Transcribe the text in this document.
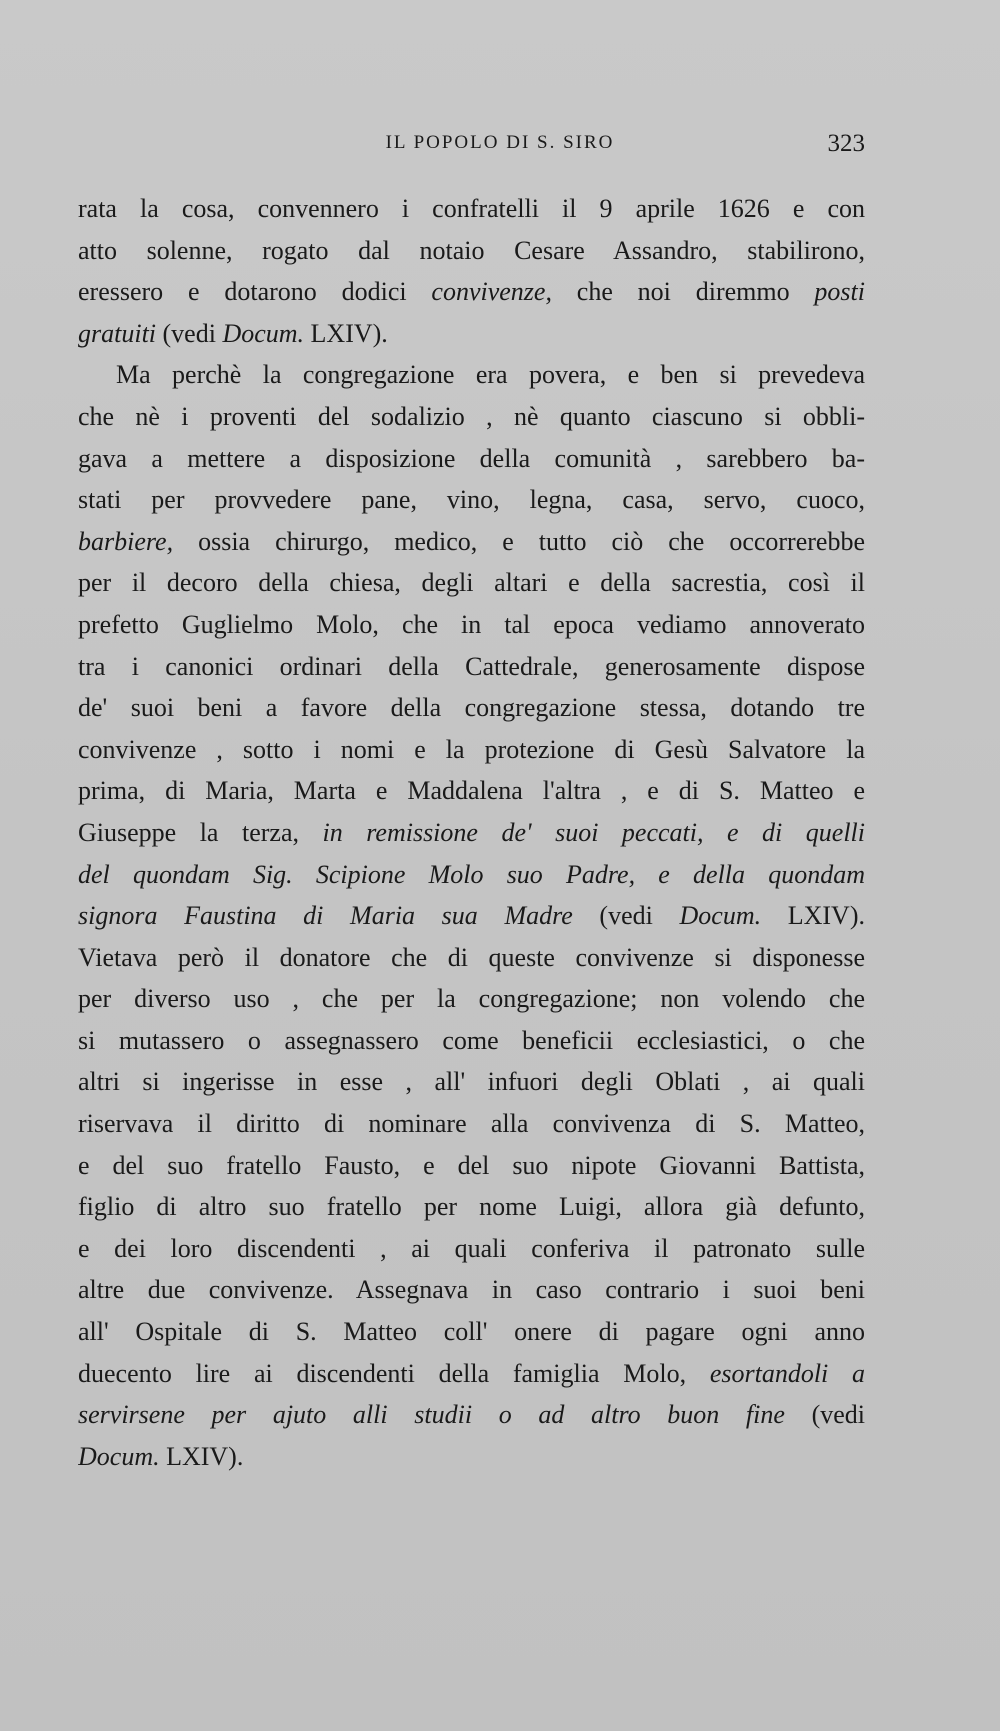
IL POPOLO DI S. SIRO	323
rata la cosa, convennero i confratelli il 9 aprile 1626 e con
atto solenne, rogato dal notaio Cesare Assandro, stabilirono,
eressero e dotarono dodici convivenze, che noi diremmo posti
gratuiti (vedi Docum. LXIV).
Ma perchè la congregazione era povera, e ben si prevedeva
che nè i proventi del sodalizio , nè quanto ciascuno si obbli-
gava a mettere a disposizione della comunità , sarebbero ba-
stati per provvedere pane, vino, legna, casa, servo, cuoco,
barbiere, ossia chirurgo, medico, e tutto ciò che occorrerebbe
per il decoro della chiesa, degli altari e della sacrestia, così il
prefetto Guglielmo Molo, che in tal epoca vediamo annoverato
tra i canonici ordinari della Cattedrale, generosamente dispose
de' suoi beni a favore della congregazione stessa, dotando tre
convivenze , sotto i nomi e la protezione di Gesù Salvatore la
prima, di Maria, Marta e Maddalena l'altra , e di S. Matteo e
Giuseppe la terza, in remissione de' suoi peccati, e di quelli
del quondam Sig. Scipione Molo suo Padre, e della quondam
signora Faustina di Maria sua Madre (vedi Docum. LXIV).
Vietava però il donatore che di queste convivenze si disponesse
per diverso uso , che per la congregazione; non volendo che
si mutassero o assegnassero come beneficii ecclesiastici, o che
altri si ingerisse in esse , all' infuori degli Oblati , ai quali
riservava il diritto di nominare alla convivenza di S. Matteo,
e del suo fratello Fausto, e del suo nipote Giovanni Battista,
figlio di altro suo fratello per nome Luigi, allora già defunto,
e dei loro discendenti , ai quali conferiva il patronato sulle
altre due convivenze. Assegnava in caso contrario i suoi beni
all' Ospitale di S. Matteo coll' onere di pagare ogni anno
duecento lire ai discendenti della famiglia Molo, esortandoli a
servirsene per ajuto alli studii o ad altro buon fine (vedi
Docum. LXIV).
